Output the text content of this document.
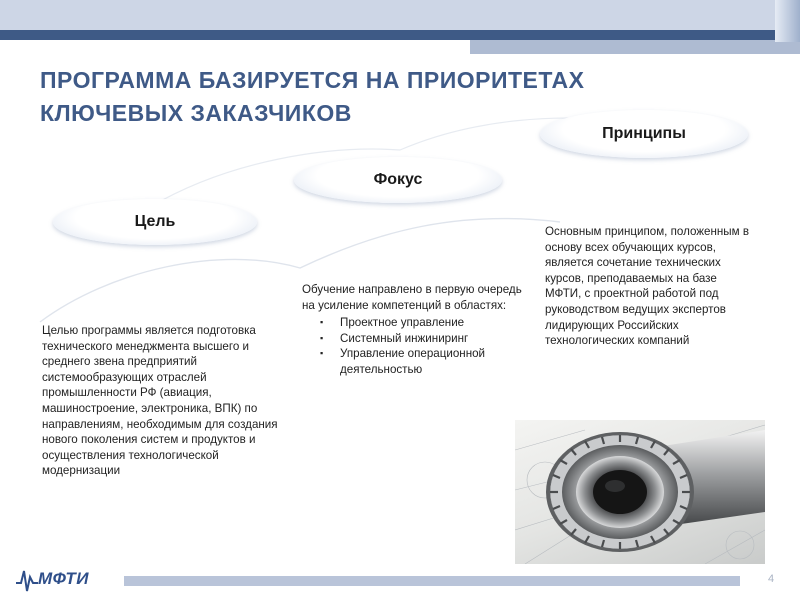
ПРОГРАММА БАЗИРУЕТСЯ НА ПРИОРИТЕТАХ КЛЮЧЕВЫХ ЗАКАЗЧИКОВ
Цель
Фокус
Принципы
Целью программы является подготовка технического менеджмента высшего и среднего звена предприятий системообразующих отраслей промышленности РФ (авиация, машиностроение, электроника, ВПК) по направлениям, необходимым для создания нового поколения систем и продуктов и осуществления технологической модернизации
Обучение направлено в первую очередь на усиление компетенций в областях:
▪ Проектное управление
▪ Системный инжиниринг
▪ Управление операционной деятельностью
Основным принципом, положенным в основу всех обучающих курсов, является сочетание технических курсов, преподаваемых на базе МФТИ, с проектной работой под руководством ведущих экспертов лидирующих Российских технологических компаний
МФТИ	4
